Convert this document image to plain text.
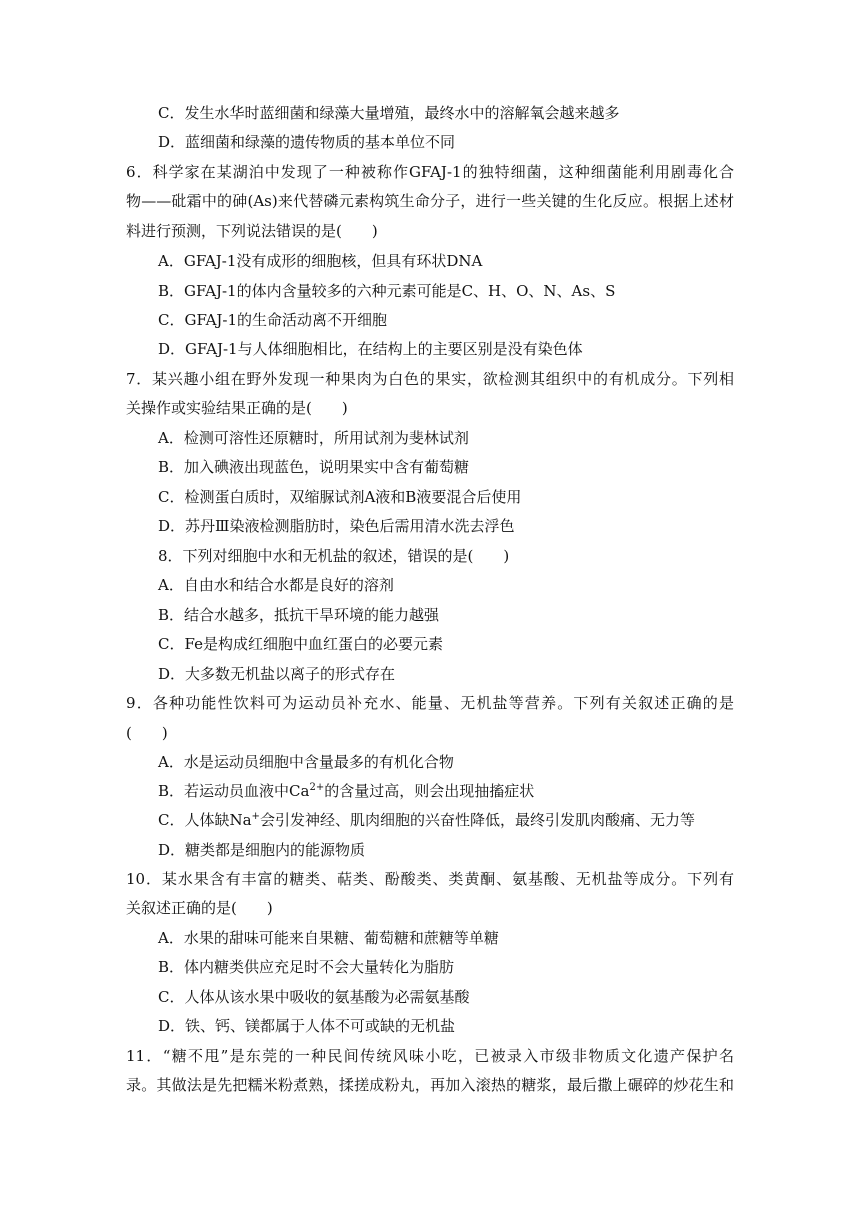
C．发生水华时蓝细菌和绿藻大量增殖，最终水中的溶解氧会越来越多
D．蓝细菌和绿藻的遗传物质的基本单位不同
6．科学家在某湖泊中发现了一种被称作GFAJ-1的独特细菌，这种细菌能利用剧毒化合
物——砒霜中的砷(As)来代替磷元素构筑生命分子，进行一些关键的生化反应。根据上述材
料进行预测，下列说法错误的是(　　)
A．GFAJ-1没有成形的细胞核，但具有环状DNA
B．GFAJ-1的体内含量较多的六种元素可能是C、H、O、N、As、S
C．GFAJ-1的生命活动离不开细胞
D．GFAJ-1与人体细胞相比，在结构上的主要区别是没有染色体
7．某兴趣小组在野外发现一种果肉为白色的果实，欲检测其组织中的有机成分。下列相
关操作或实验结果正确的是(　　)
A．检测可溶性还原糖时，所用试剂为斐林试剂
B．加入碘液出现蓝色，说明果实中含有葡萄糖
C．检测蛋白质时，双缩脲试剂A液和B液要混合后使用
D．苏丹Ⅲ染液检测脂肪时，染色后需用清水洗去浮色
8．下列对细胞中水和无机盐的叙述，错误的是(　　)
A．自由水和结合水都是良好的溶剂
B．结合水越多，抵抗干旱环境的能力越强
C．Fe是构成红细胞中血红蛋白的必要元素
D．大多数无机盐以离子的形式存在
9．各种功能性饮料可为运动员补充水、能量、无机盐等营养。下列有关叙述正确的是
(　　)
A．水是运动员细胞中含量最多的有机化合物
B．若运动员血液中$Ca^{2+}$的含量过高，则会出现抽搐症状
C．人体缺Na+会引发神经、肌肉细胞的兴奋性降低，最终引发肌肉酸痛、无力等
D．糖类都是细胞内的能源物质
10．某水果含有丰富的糖类、萜类、酚酸类、类黄酮、氨基酸、无机盐等成分。下列有
关叙述正确的是(　　)
A．水果的甜味可能来自果糖、葡萄糖和蔗糖等单糖
B．体内糖类供应充足时不会大量转化为脂肪
C．人体从该水果中吸收的氨基酸为必需氨基酸
D．铁、钙、镁都属于人体不可或缺的无机盐
11．“糖不甩”是东莞的一种民间传统风味小吃，已被录入市级非物质文化遗产保护名
录。其做法是先把糯米粉煮熟，揉搓成粉丸，再加入滚热的糖浆，最后撒上碾碎的炒花生和
